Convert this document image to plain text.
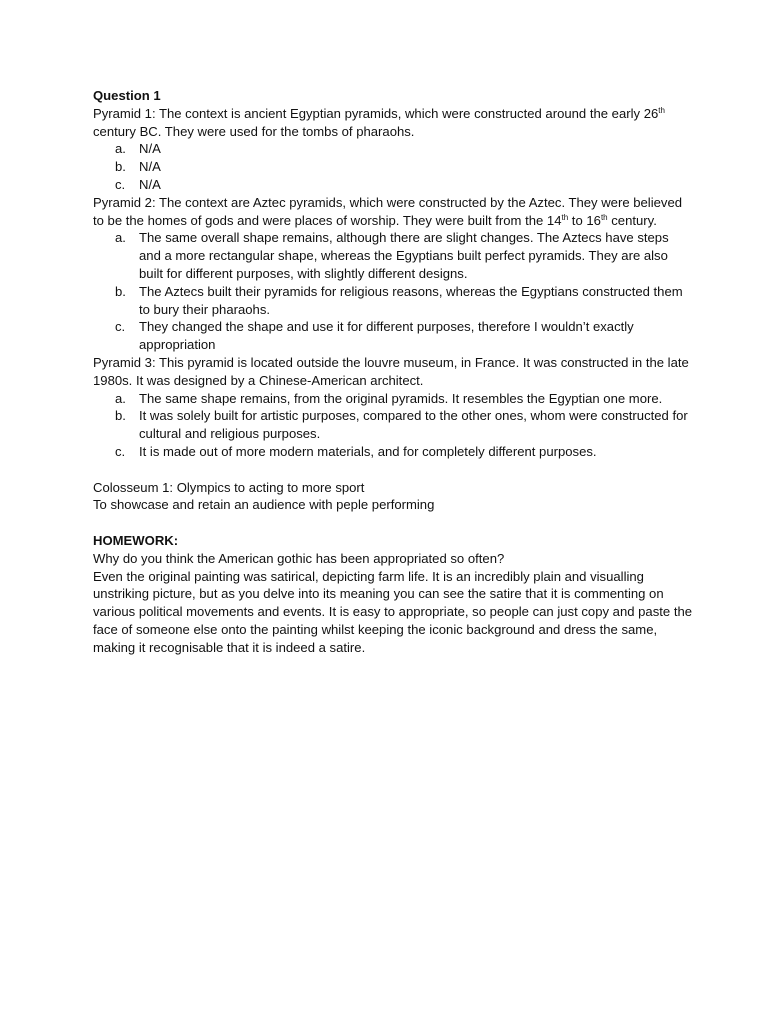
Question 1

Pyramid 1: The context is ancient Egyptian pyramids, which were constructed around the early 26th century BC. They were used for the tombs of pharaohs.

a. N/A
b. N/A
c. N/A

Pyramid 2: The context are Aztec pyramids, which were constructed by the Aztec. They were believed to be the homes of gods and were places of worship. They were built from the 14th to 16th century.

a. The same overall shape remains, although there are slight changes. The Aztecs have steps and a more rectangular shape, whereas the Egyptians built perfect pyramids. They are also built for different purposes, with slightly different designs.
b. The Aztecs built their pyramids for religious reasons, whereas the Egyptians constructed them to bury their pharaohs.
c. They changed the shape and use it for different purposes, therefore I wouldn’t exactly appropriation

Pyramid 3: This pyramid is located outside the louvre museum, in France. It was constructed in the late 1980s. It was designed by a Chinese-American architect.

a. The same shape remains, from the original pyramids. It resembles the Egyptian one more.
b. It was solely built for artistic purposes, compared to the other ones, whom were constructed for cultural and religious purposes.
c. It is made out of more modern materials, and for completely different purposes.

Colosseum 1: Olympics to acting to more sport

To showcase and retain an audience with peple performing

HOMEWORK:

Why do you think the American gothic has been appropriated so often?

Even the original painting was satirical, depicting farm life. It is an incredibly plain and visualling unstriking picture, but as you delve into its meaning you can see the satire that it is commenting on various political movements and events. It is easy to appropriate, so people can just copy and paste the face of someone else onto the painting whilst keeping the iconic background and dress the same, making it recognisable that it is indeed a satire.
